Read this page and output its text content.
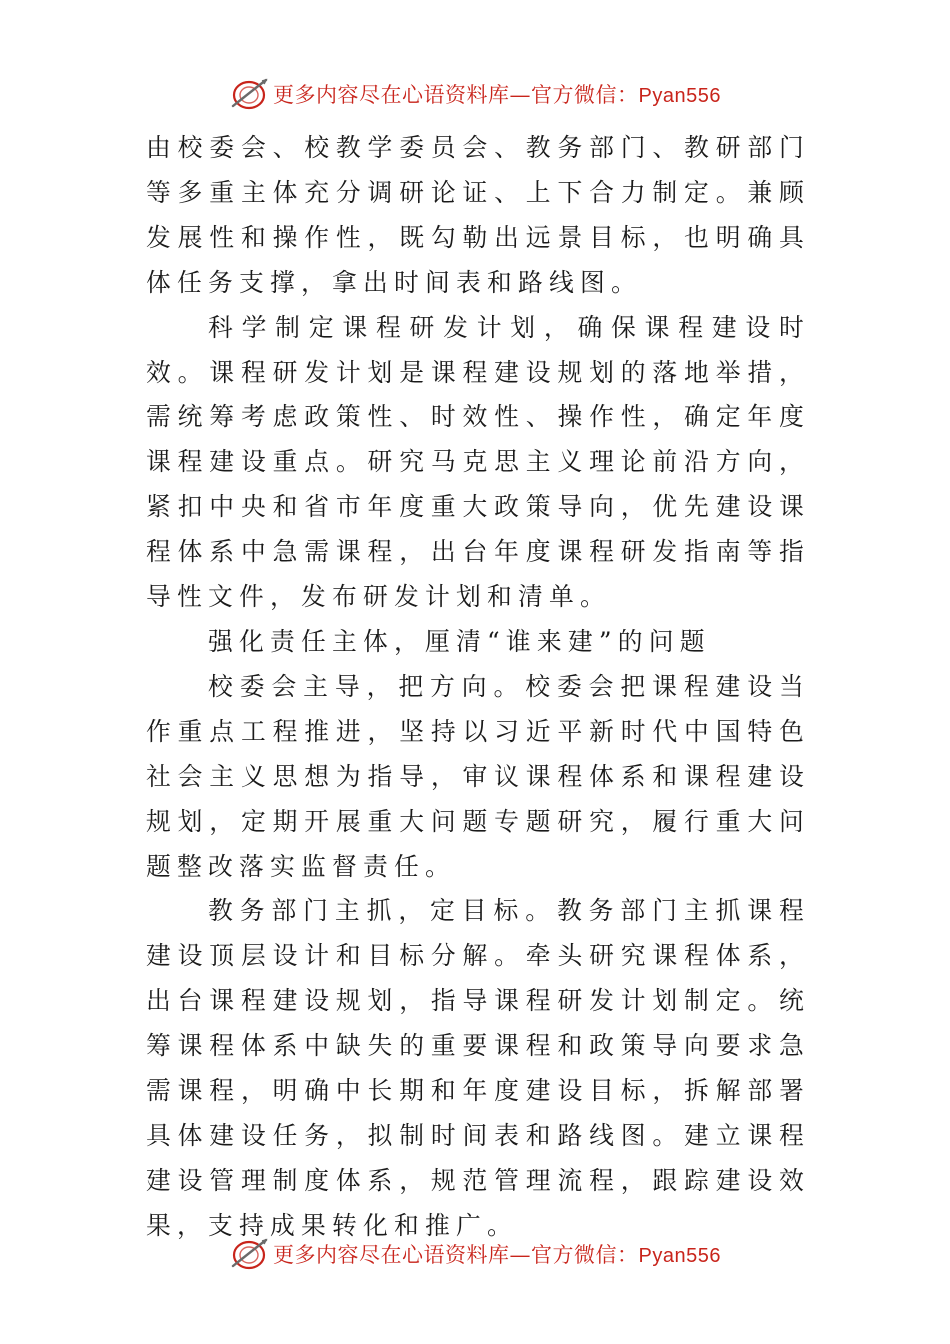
更多内容尽在心语资料库—官方微信：Pyan556

由校委会、校教学委员会、教务部门、教研部门等多重主体充分调研论证、上下合力制定。兼顾发展性和操作性，既勾勒出远景目标，也明确具体任务支撑，拿出时间表和路线图。

科学制定课程研发计划，确保课程建设时效。课程研发计划是课程建设规划的落地举措，需统筹考虑政策性、时效性、操作性，确定年度课程建设重点。研究马克思主义理论前沿方向，紧扣中央和省市年度重大政策导向，优先建设课程体系中急需课程，出台年度课程研发指南等指导性文件，发布研发计划和清单。

强化责任主体，厘清“谁来建”的问题

校委会主导，把方向。校委会把课程建设当作重点工程推进，坚持以习近平新时代中国特色社会主义思想为指导，审议课程体系和课程建设规划，定期开展重大问题专题研究，履行重大问题整改落实监督责任。

教务部门主抓，定目标。教务部门主抓课程建设顶层设计和目标分解。牵头研究课程体系，出台课程建设规划，指导课程研发计划制定。统筹课程体系中缺失的重要课程和政策导向要求急需课程，明确中长期和年度建设目标，拆解部署具体建设任务，拟制时间表和路线图。建立课程建设管理制度体系，规范管理流程，跟踪建设效果，支持成果转化和推广。

更多内容尽在心语资料库—官方微信：Pyan556
